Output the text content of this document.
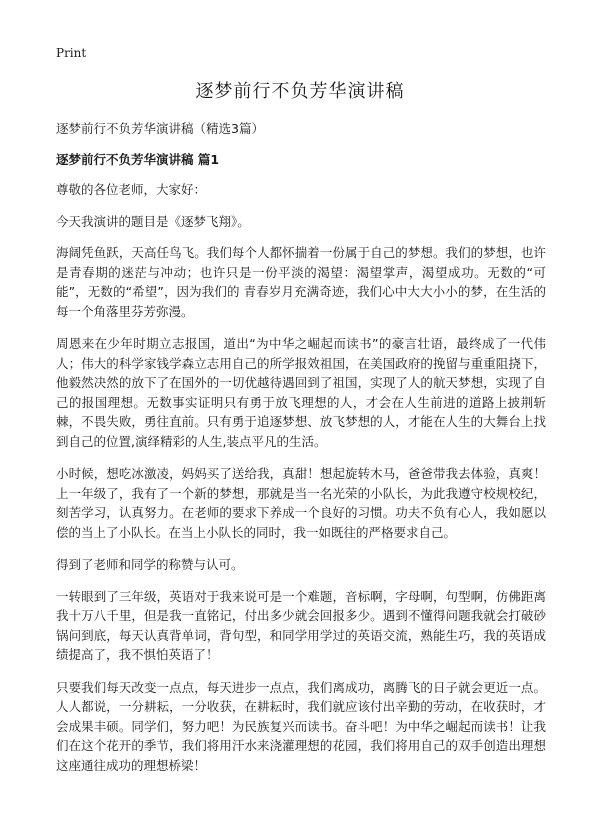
Print
逐梦前行不负芳华演讲稿
逐梦前行不负芳华演讲稿（精选3篇）
逐梦前行不负芳华演讲稿 篇1

尊敬的各位老师，大家好：

今天我演讲的题目是《逐梦飞翔》。

海阔凭鱼跃，天高任鸟飞。我们每个人都怀揣着一份属于自己的梦想。我们的梦想，也许是青春期的迷茫与冲动；也许只是一份平淡的渴望：渴望掌声，渴望成功。无数的“可能”，无数的“希望”，因为我们的 青春岁月充满奇迹，我们心中大大小小的梦，在生活的每一个角落里芬芳弥漫。

周恩来在少年时期立志报国，道出“为中华之崛起而读书”的豪言壮语，最终成了一代伟人；伟大的科学家钱学森立志用自己的所学报效祖国，在美国政府的挽留与重重阻挠下，他毅然决然的放下了在国外的一切优越待遇回到了祖国，实现了人的航天梦想，实现了自己的报国理想。无数事实证明只有勇于放飞理想的人，才会在人生前进的道路上披荆斩棘，不畏失败，勇往直前。只有勇于追逐梦想、放飞梦想的人，才能在人生的大舞台上找到自己的位置,演绎精彩的人生,装点平凡的生活。

小时候，想吃冰激凌，妈妈买了送给我，真甜！想起旋转木马，爸爸带我去体验，真爽！上一年级了，我有了一个新的梦想，那就是当一名光荣的小队长，为此我遵守校规校纪，刻苦学习，认真努力。在老师的要求下养成一个良好的习惯。功夫不负有心人，我如愿以偿的当上了小队长。在当上小队长的同时，我一如既往的严格要求自己。

得到了老师和同学的称赞与认可。

一转眼到了三年级，英语对于我来说可是一个难题，音标啊，字母啊，句型啊，仿佛距离我十万八千里，但是我一直铭记，付出多少就会回报多少。遇到不懂得问题我就会打破砂锅问到底，每天认真背单词，背句型，和同学用学过的英语交流，熟能生巧，我的英语成绩提高了，我不惧怕英语了！

只要我们每天改变一点点，每天进步一点点，我们离成功，离腾飞的日子就会更近一点。人人都说，一分耕耘，一分收获，在耕耘时，我们就应该付出辛勤的劳动，在收获时，才会成果丰硕。同学们，努力吧！为民族复兴而读书。奋斗吧！为中华之崛起而读书！让我们在这个花开的季节，我们将用汗水来浇灌理想的花园，我们将用自己的双手创造出理想这座通往成功的理想桥梁！
